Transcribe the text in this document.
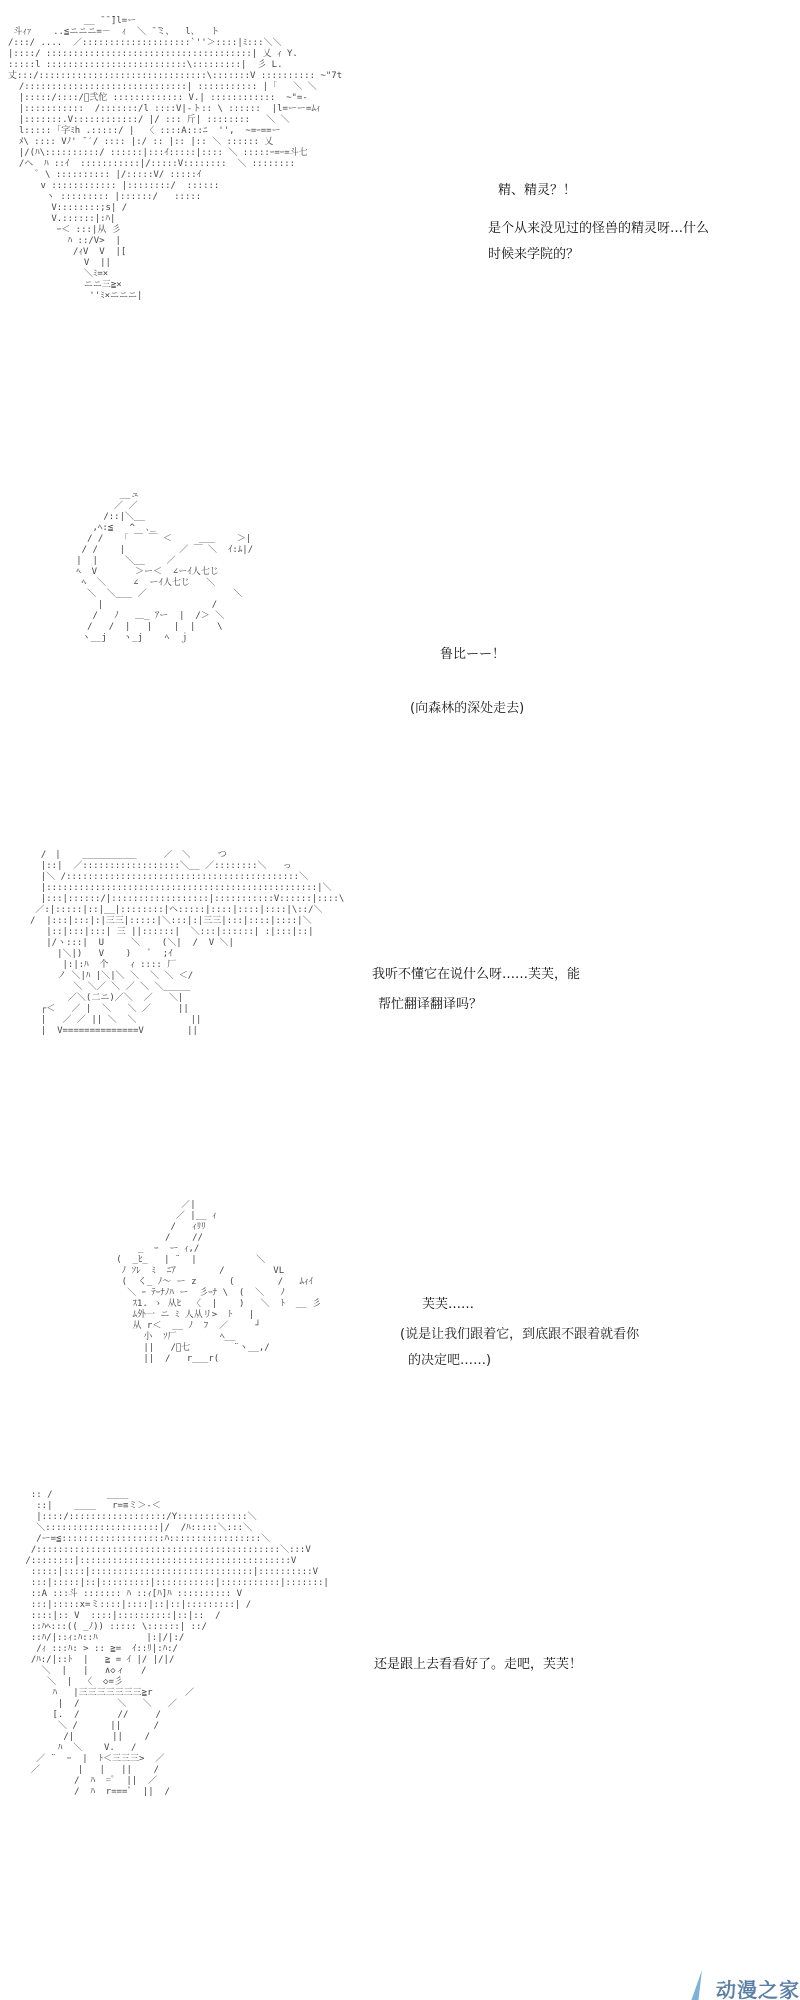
__ ̄ ̄ ̄]l=ー
斗ｨｧ    ..≦ニニニ=－  ｨ  ＼ ̄ ̄ミ、  l、  ト
/:::/ ....  ／::::::::::::::::::::`''＞::::|ﾐ:::＼＼
|::::/ ::::::::::::::::::::::::::::::::::::::| 乂 ｨ Y.
:::::l ::::::::::::::::::::::::::\:::::::::|  彡 L.
丈:::/:::::::::::::::::::::::::::::::\:::::::V :::::::::: ~"7t
/::::::::::::::::::::::::::::::| ::::::::::: |「   ＼ ＼
|:::::/::::/ﾞ弐佗 ::::::::::::: V.| ::::::::::::  ~"=-
|:::::::::::  /:::::::/l ::::V|-ト:: \ ::::::  |l=ーー=ﾑｨ
|:::::::.V::::::::::::/ |/ ::: 斤| ::::::::   ＼ ＼
l::::: ｢字ﾐh .:::::/ |  〈 ::::A:::ﾆ  '',  ~=ｰ==ー
ﾒ\ :::: Vﾉ' ̄ ′/ :::: |:/ :: |:: |:: ＼ :::::: 乂
|/(ﾊ\::::::::::/ ::::::|:::ｲ:::::|:::: ＼ :::::ｰ=ｰ=斗七
/ヘ  ﾊ ::ｲ  :::::::::::|/:::::V::::::::  ＼ ::::::::
ﾟ \ :::::::::: |/:::::V/ :::::ｲ
v :::::::::::: |::::::::/  ::::::
ヽ ::::::::: |::::::/   :::::
V::::::::;s| /
V.::::::|:ﾊ|
ｰ＜ :::|从 彡
ﾊ ::/V>  |
/ｨV  V  |[
V  ||
＼ﾐ=×
ニニ三≧×
''ﾐ×ニニニ|
精、精灵？！
是个从来没见过的怪兽的精灵呀…什么
时候来学院的？
__ュ
／ ／
/::|＼__
,ﾍ:≦   ^  ､_
/ /   「 ￣ ￣ ＜     ___    ＞|
/ /    |          ／ ￣ ＼  ｲ:ﾑ|/
|  |     ＼__    ／
ﾍ  V       ＞ー＜  ∠ーｲ人七じ
ﾍ  ＼     ∠  ーｲ人七じ   ＼
＼  ＼___ ／                ＼
|                    /
/   ﾉ   ＿_ ｱー  |  /＞ ＼
/   /  |   |    |  |    \
ヽ__j   ヽ_j    ﾍ  ｊ
鲁比ーー！
(向森林的深处走去)
/￣|    __________     ／￣＼     つ
|::|  ／::::::::::::::::::＼__ ／::::::::＼   っ
|＼ /:::::::::::::::::::::::::::::::::::::::::::＼
|::::::::::::::::::::::::::::::::::::::::::::::::::|＼
|:::|::::::/|::::::::::::::::::|:::::::::::V::::::|::::\
／:|:::::|::|__|::::::::|ヘ:::::|::::|::::|::::|\::/＼
/  |:::|:::|:|三三|:::::|＼:::|:|三三|:::|::::|::::|＼
|::|:::|:::| 三 ||::::::|  ＼:::|::::::| :|:::|::|
|/ヽ:::|  U     ＼    (＼|  /  V ＼|
|＼|)   V    )   ﾞ  ;ｲ
|:|:ﾊ  个    ｨ :::: 厂
ノ ＼|ﾊ |＼|＼ ＼  ＼ ＼ ＜/
＼ ＼／ ＼ ／ ＼ ＼_____
／＼(二ニ)／＼  ／   ＼|
┌＜   ／ |  ＼   ＼ ／     ||
|   ／ ／ || ＼  ＼          ||
|  V==============V        ||
我听不懂它在说什么呀……芙芙，能
帮忙翻译翻译吗？
／|
／ |__ ｨ
/   ｨﾘﾘ
/    //
_  ｰ  ー ｨ,/
(  _ﾋ_   | ¨  |           ＼
ﾉ ｿﾚ  ﾐ  ﾆｱ        /         VL
(  く_ ﾉ〜 ー z      (        /   ﾑｨｲ
＼ ｰ ﾃｰﾅﾉﾊ ー  彡ｰﾅ \  (  ＼   ﾉ
ｽ1. ゝ 从ﾋ  〈  |    )   ＼  ﾄ  __ 彡
ﾑ外一 ニ ﾐ 人从リ>  ﾄ   |
从 r＜  __ ﾉ  ﾌ  ／     ┘
小  ｿ厂        ﾍ__
||   /ﾞ七        ¨ヽ__,/
||  /   r___r(
芙芙……
(说是让我们跟着它，到底跟不跟着就看你
的决定吧……)
:: /          ____
::|    ____   r=≡ミ＞-＜
|::::/::::::::::::::::::/Y:::::::::::::＼
＼:::::::::::::::::::::|/  /ﾊ:::::＼:::＼
/ー=≦:::::::::::::::::::ﾊ:::::::::::::::::＼
/:::::::::::::::::::::::::::::::::::::::::::::＼:::V
/::::::::|:::::::::::::::::::::::::::::::::::::::V
:::::|::::|::::::::::::::::::::::::::::::|::::::::::V
:::|:::::|::|:::::::::|:::::::::::|:::::::::::|:::::::|
::A :::斗 ::::::: ﾊ ::ｨ[ﾊ]ﾊ :::::::::: V
:::|:::::x=ミ::::|::::|::|::|:::::::::| /
::::|:: V  ::::|::::::::::|::|::  /
::ﾊﾍ:::(( _ﾉ)) ::::: \::::::| ::/
::ﾊ/|::ｨ:ﾊ::ﾊ         |:|/|:/
/ｨ :::ﾊ: > :: ≧=  ｲ::ﾘ|:ﾊ:/
/ﾊ:/|::ﾄ  |   ≧ = ｲ |/ |/|/
＼  |   |   ∧◇ィ   /
＼  |  〈  ◇=彡
ﾊ   |三三三三三三三≧r      ／
|  /       ＼   ＼   ／
[.  /       //     /
＼ /      ||      /
/|       ||    /
ﾊ  ＼    V.   /
／ ¨  ｰ  |  ﾄ＜三三三>  ／
／       |   |   ||    /
/  ﾊ  =ﾟ  ||  ／
/  ﾊ  r===ﾟ  ||  /
还是跟上去看看好了。走吧，芙芙！
动漫之家
